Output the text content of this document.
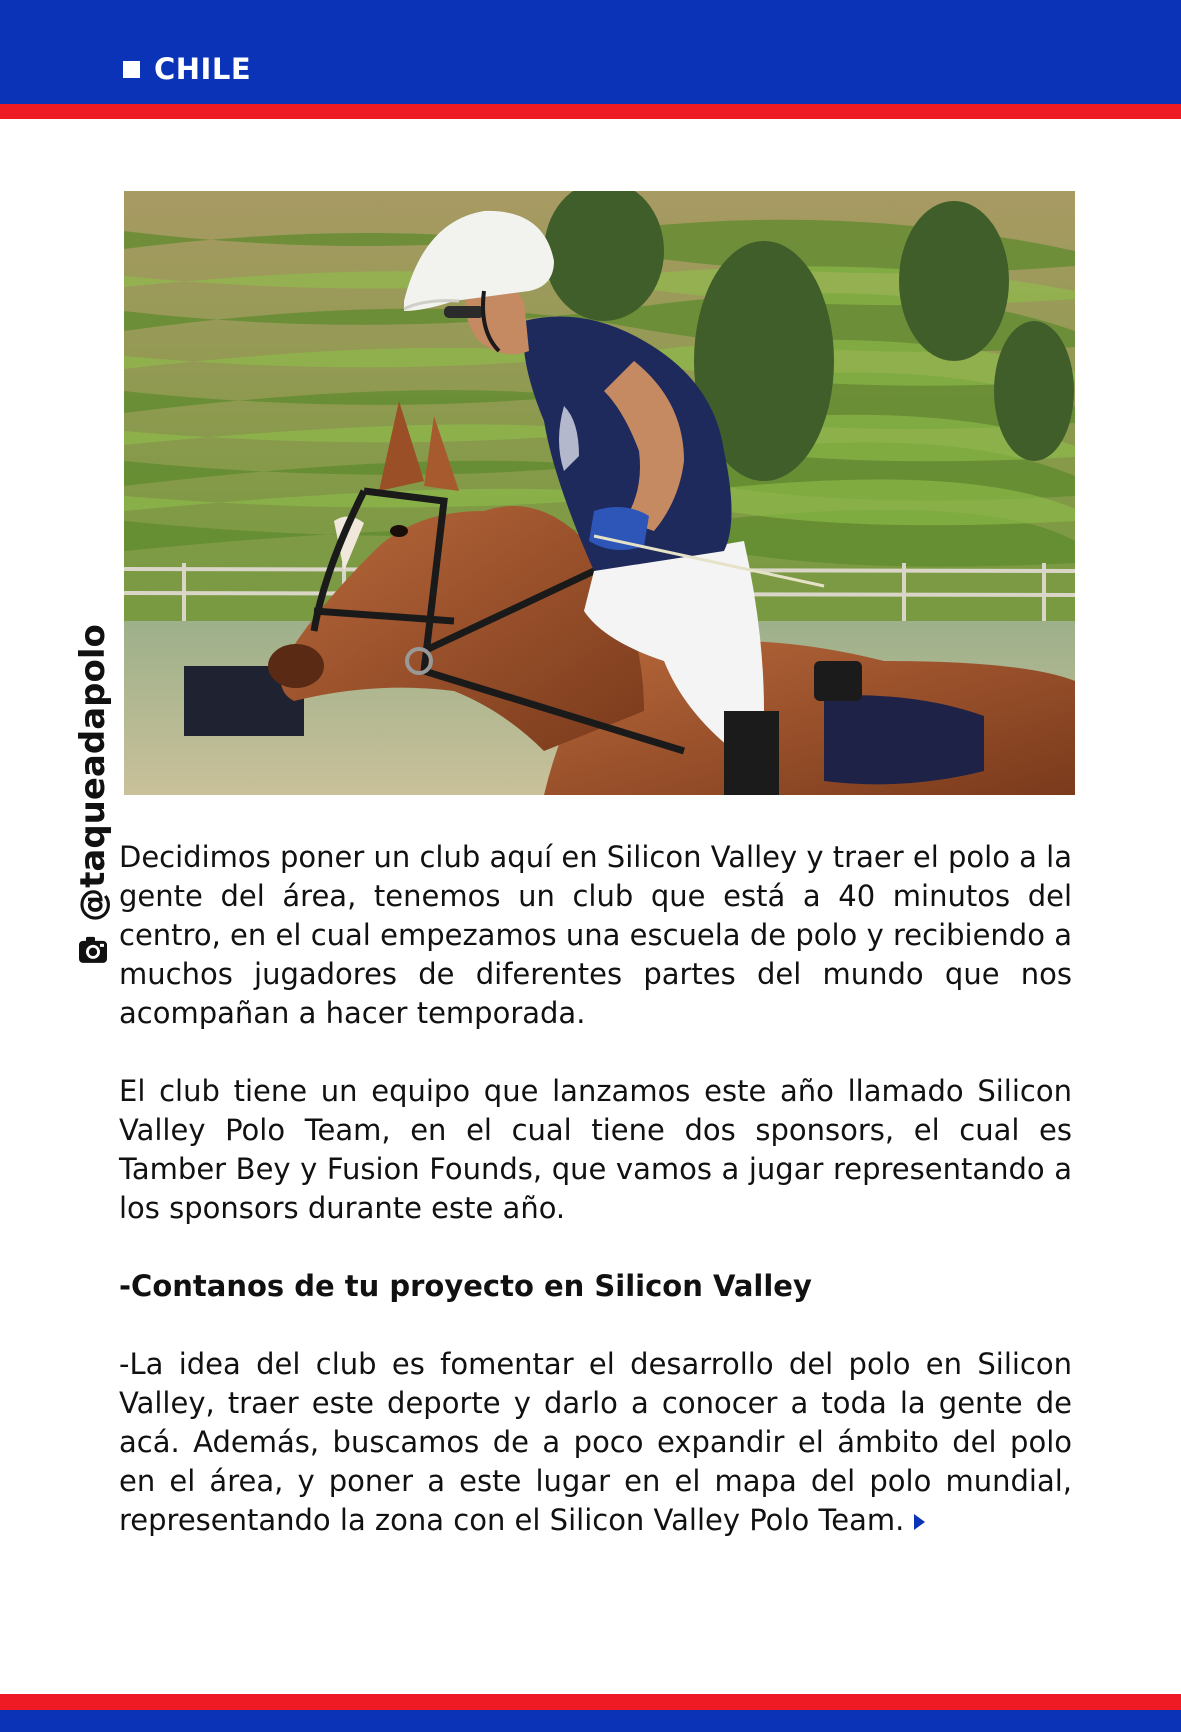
CHILE
@taqueadapolo Decidimos poner un club aquí en Silicon Valley y traer el polo a la gente del área, tenemos un club que está a 40 minutos del centro, en el cual empezamos una escuela de polo y recibiendo a muchos jugadores de diferentes partes del mundo que nos acompañan a hacer temporada.

El club tiene un equipo que lanzamos este año llamado Silicon Valley Polo Team, en el cual tiene dos sponsors, el cual es Tamber Bey y Fusion Founds, que vamos a jugar representando a los sponsors durante este año.

-Contanos de tu proyecto en Silicon Valley

-La idea del club es fomentar el desarrollo del polo en Silicon Valley, traer este deporte y darlo a conocer a toda la gente de acá. Además, buscamos de a poco expandir el ámbito del polo en el área, y poner a este lugar en el mapa del polo mundial, representando la zona con el Silicon Valley Polo Team.
